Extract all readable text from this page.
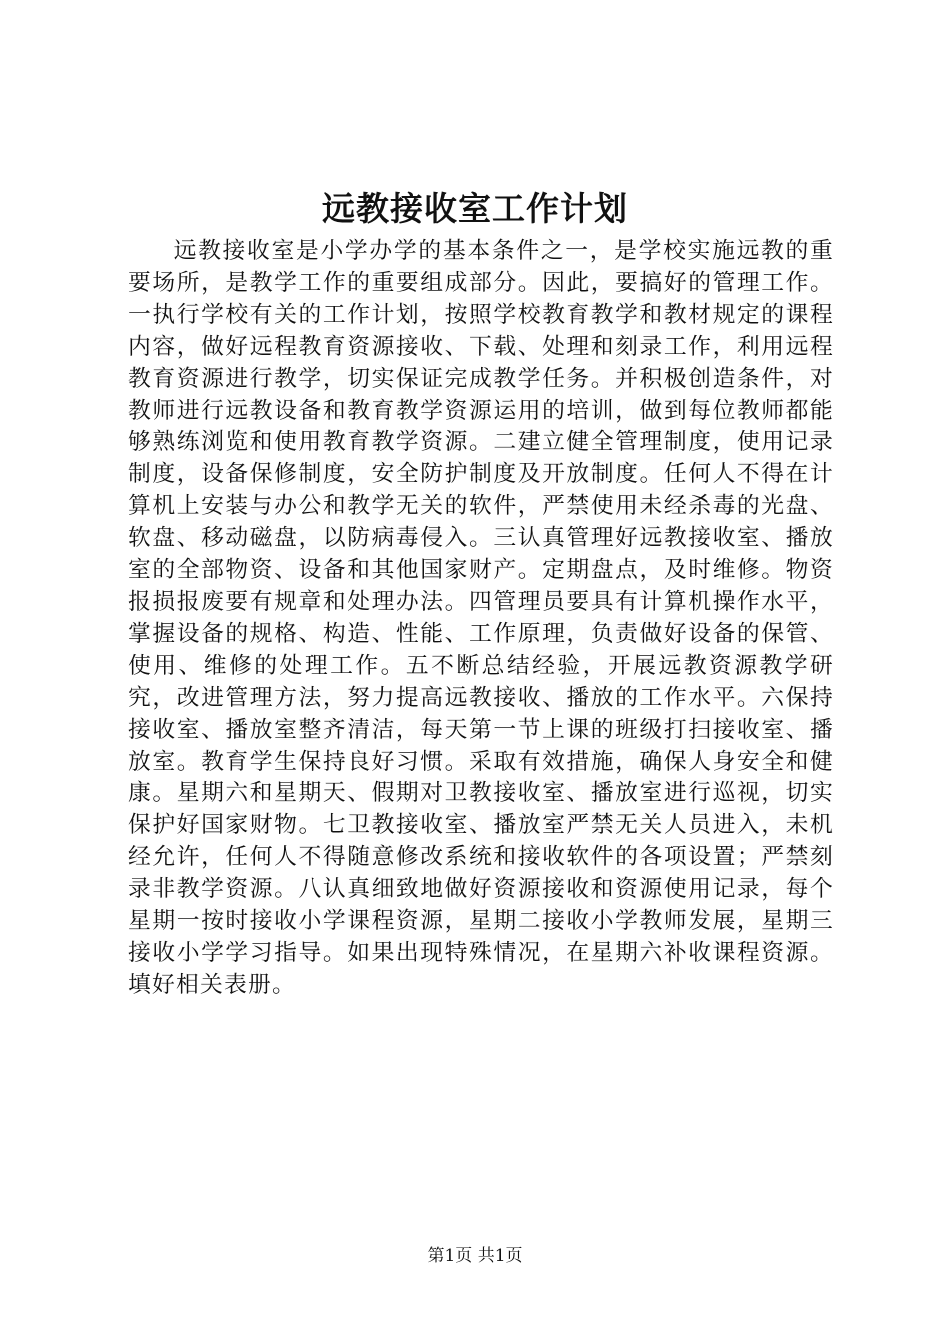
远教接收室工作计划

远教接收室是小学办学的基本条件之一，是学校实施远教的重要场所，是教学工作的重要组成部分。因此，要搞好的管理工作。一执行学校有关的工作计划，按照学校教育教学和教材规定的课程内容，做好远程教育资源接收、下载、处理和刻录工作，利用远程教育资源进行教学，切实保证完成教学任务。并积极创造条件，对教师进行远教设备和教育教学资源运用的培训，做到每位教师都能够熟练浏览和使用教育教学资源。二建立健全管理制度，使用记录制度，设备保修制度，安全防护制度及开放制度。任何人不得在计算机上安装与办公和教学无关的软件，严禁使用未经杀毒的光盘、软盘、移动磁盘，以防病毒侵入。三认真管理好远教接收室、播放室的全部物资、设备和其他国家财产。定期盘点，及时维修。物资报损报废要有规章和处理办法。四管理员要具有计算机操作水平，掌握设备的规格、构造、性能、工作原理，负责做好设备的保管、使用、维修的处理工作。五不断总结经验，开展远教资源教学研究，改进管理方法，努力提高远教接收、播放的工作水平。六保持接收室、播放室整齐清洁，每天第一节上课的班级打扫接收室、播放室。教育学生保持良好习惯。采取有效措施，确保人身安全和健康。星期六和星期天、假期对卫教接收室、播放室进行巡视，切实保护好国家财物。七卫教接收室、播放室严禁无关人员进入，未机经允许，任何人不得随意修改系统和接收软件的各项设置；严禁刻录非教学资源。八认真细致地做好资源接收和资源使用记录，每个星期一按时接收小学课程资源，星期二接收小学教师发展，星期三接收小学学习指导。如果出现特殊情况，在星期六补收课程资源。填好相关表册。

第1页 共1页
